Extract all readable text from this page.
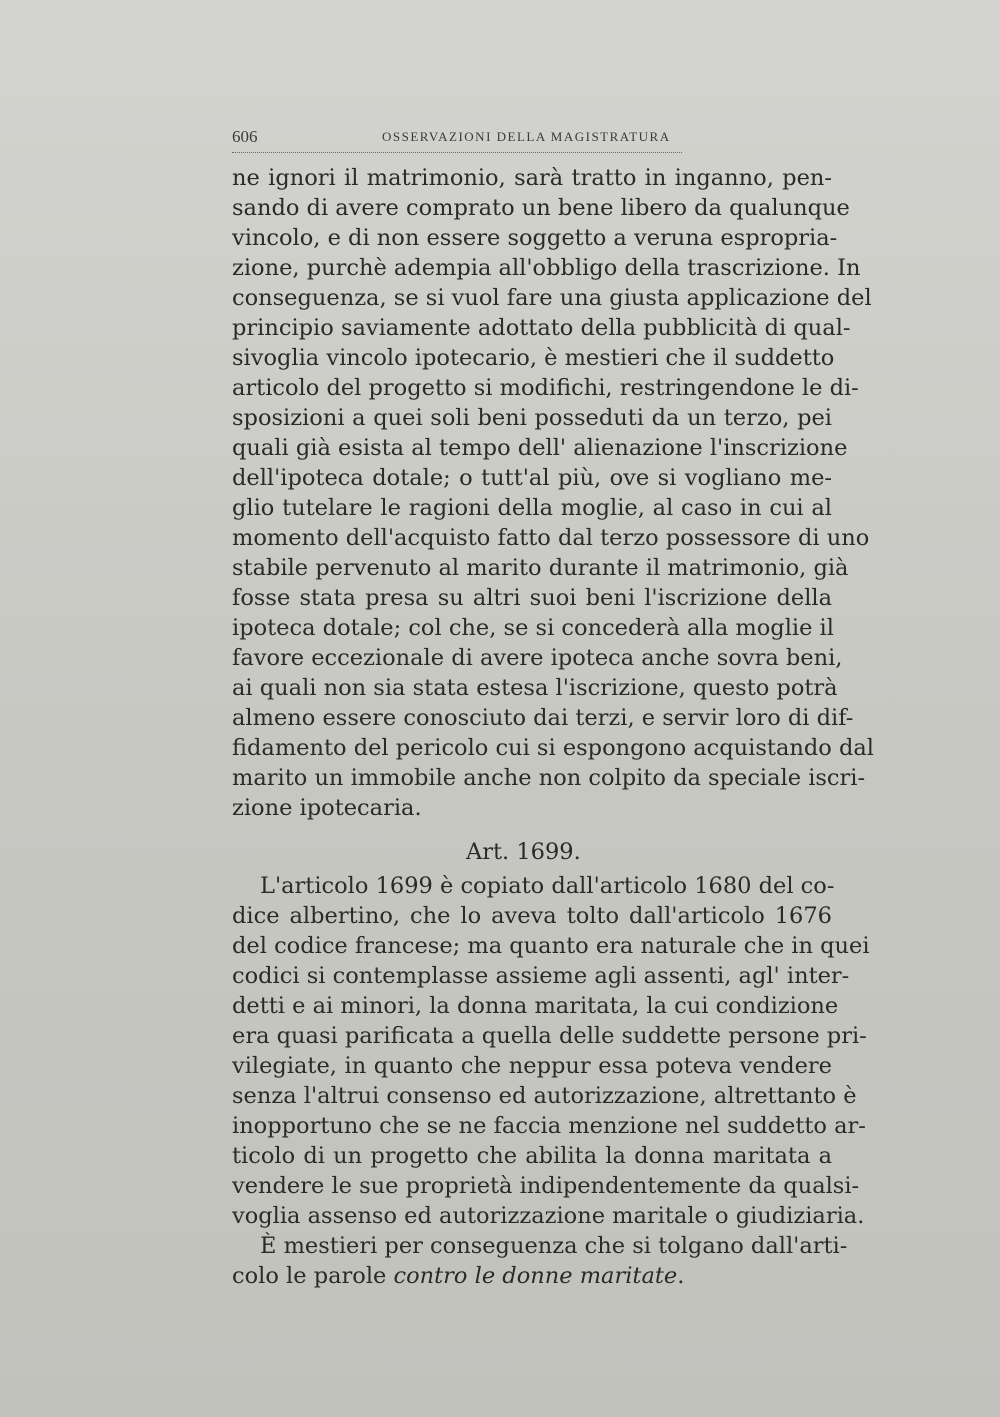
606	OSSERVAZIONI DELLA MAGISTRATURA
ne ignori il matrimonio, sarà tratto in inganno, pen-
sando di avere comprato un bene libero da qualunque
vincolo, e di non essere soggetto a veruna espropria-
zione, purchè adempia all'obbligo della trascrizione. In
conseguenza, se si vuol fare una giusta applicazione del
principio saviamente adottato della pubblicità di qual-
sivoglia vincolo ipotecario, è mestieri che il suddetto
articolo del progetto si modifichi, restringendone le di-
sposizioni a quei soli beni posseduti da un terzo, pei
quali già esista al tempo dell' alienazione l'inscrizione
dell'ipoteca dotale; o tutt'al più, ove si vogliano me-
glio tutelare le ragioni della moglie, al caso in cui al
momento dell'acquisto fatto dal terzo possessore di uno
stabile pervenuto al marito durante il matrimonio, già
fosse stata presa su altri suoi beni l'iscrizione della
ipoteca dotale; col che, se si concederà alla moglie il
favore eccezionale di avere ipoteca anche sovra beni,
ai quali non sia stata estesa l'iscrizione, questo potrà
almeno essere conosciuto dai terzi, e servir loro di dif-
fidamento del pericolo cui si espongono acquistando dal
marito un immobile anche non colpito da speciale iscri-
zione ipotecaria.
Art. 1699.
L'articolo 1699 è copiato dall'articolo 1680 del co-
dice albertino, che lo aveva tolto dall'articolo 1676
del codice francese; ma quanto era naturale che in quei
codici si contemplasse assieme agli assenti, agl' inter-
detti e ai minori, la donna maritata, la cui condizione
era quasi parificata a quella delle suddette persone pri-
vilegiate, in quanto che neppur essa poteva vendere
senza l'altrui consenso ed autorizzazione, altrettanto è
inopportuno che se ne faccia menzione nel suddetto ar-
ticolo di un progetto che abilita la donna maritata a
vendere le sue proprietà indipendentemente da qualsi-
voglia assenso ed autorizzazione maritale o giudiziaria.
È mestieri per conseguenza che si tolgano dall'arti-
colo le parole contro le donne maritate.
